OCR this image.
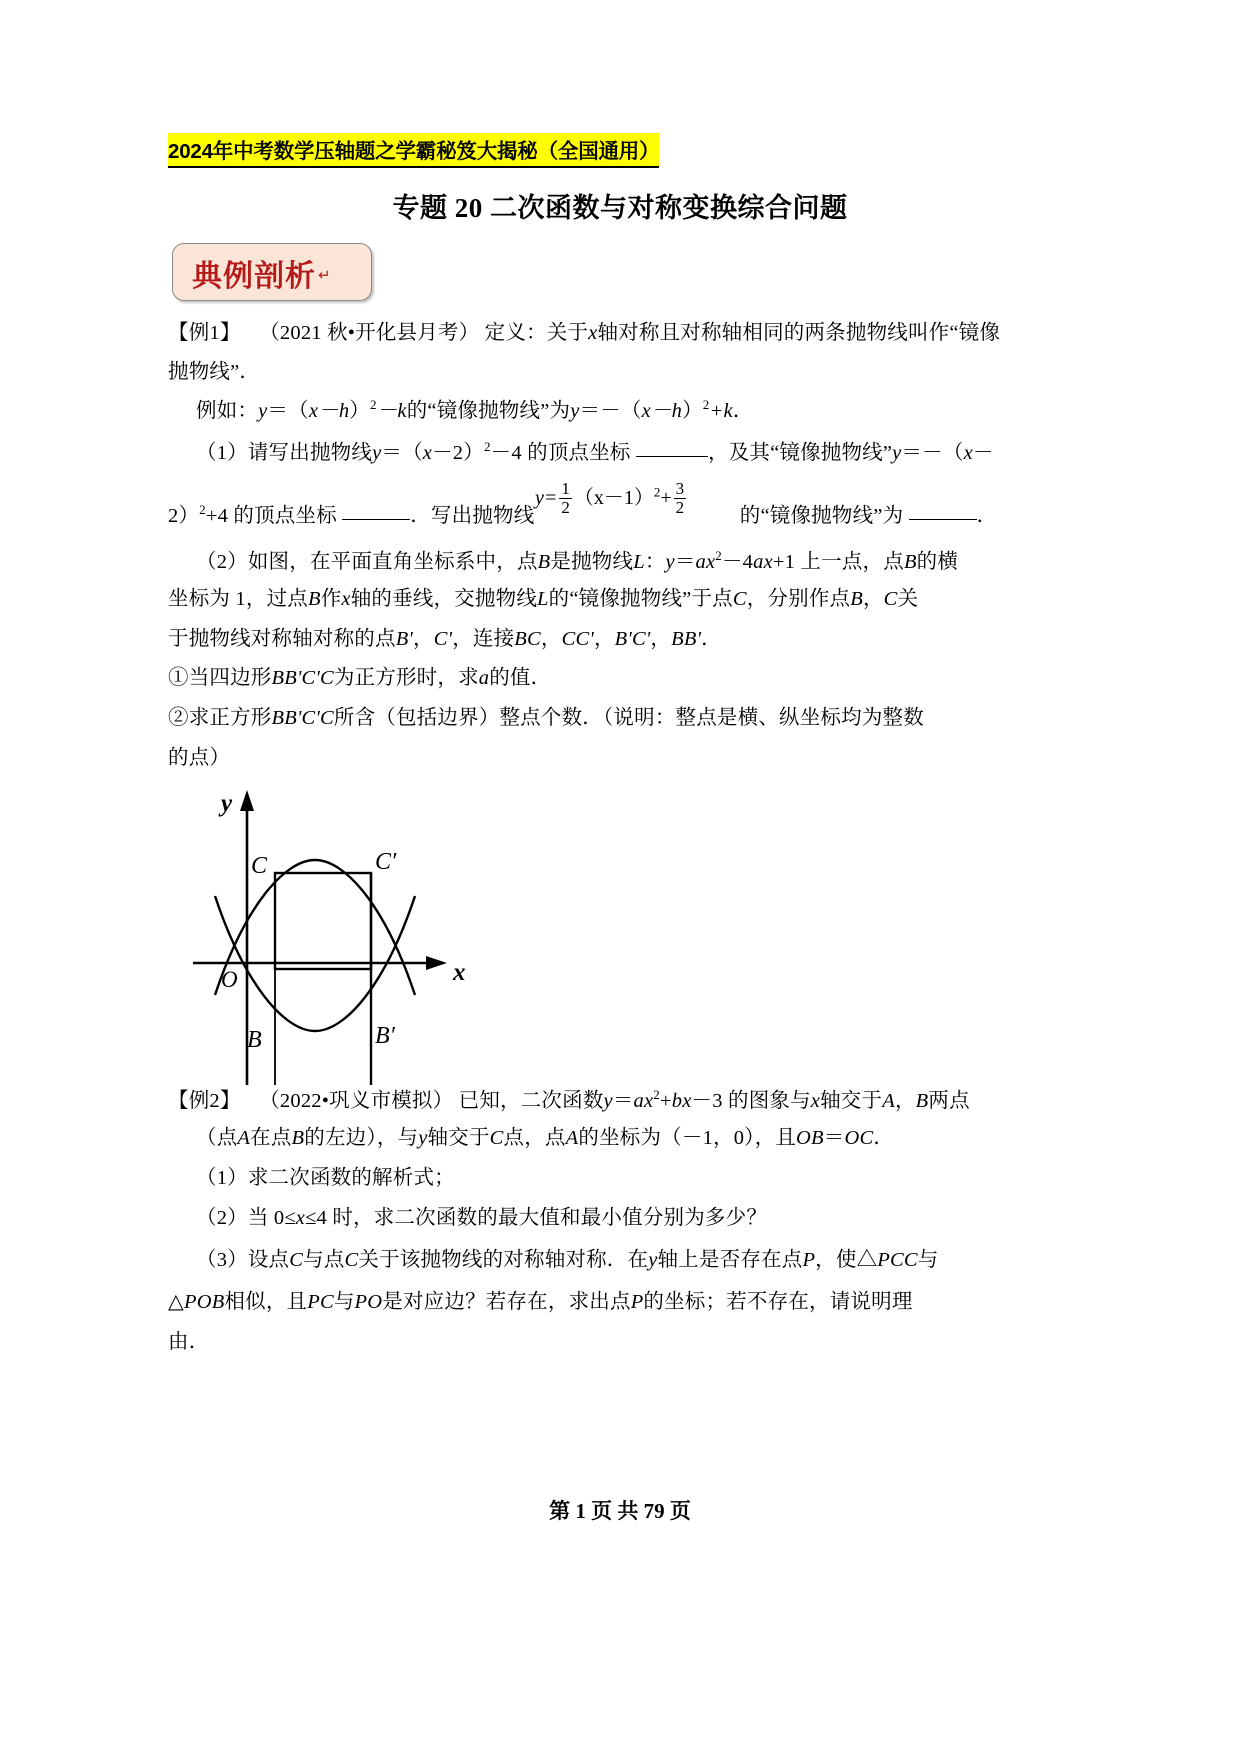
2024年中考数学压轴题之学霸秘笈大揭秘（全国通用）
专题 20 二次函数与对称变换综合问题
典例剖析 ↵
【例1】 （2021 秋•开化县月考） 定义：关于x轴对称且对称轴相同的两条抛物线叫作“镜像
抛物线”．
例如：$y=(x-h)^2-k$的“镜像抛物线”为$y=-(x-h)^2+k$．
（1）请写出抛物线$y=(x-2)^2-4$ 的顶点坐标	，及其“镜像抛物线”y＝－（x－
$y= \frac{1}{2} (x-1)^2+ \frac{3}{2}$
2）$^2$+4 的顶点坐标	．写出抛物线	的“镜像抛物线”为	．
（2）如图，在平面直角坐标系中，点B是抛物线L：$y=ax^2-4ax+1$ 上一点，点B的横
坐标为 1，过点B作x轴的垂线，交抛物线L的“镜像抛物线”于点C，分别作点B，C关
于抛物线对称轴对称的点B'，C'，连接BC，CC'，B'C'，BB'．
①当四边形BB'C'C为正方形时，求a的值．
②求正方形BB'C'C所含（包括边界）整点个数．（说明：整点是横、纵坐标均为整数
的点）
y
x
O
C	C′
B	B′
【例2】 （2022•巩义市模拟） 已知，二次函数$y=ax^2+bx-3$ 的图象与x轴交于A，B两点
（点A在点B的左边），与y轴交于C点，点A的坐标为（－1，0），且OB＝OC．
（1）求二次函数的解析式；
（2）当 0≤x≤4 时，求二次函数的最大值和最小值分别为多少？
（3）设点C与点C关于该抛物线的对称轴对称．在y轴上是否存在点P，使△PCC与
△POB相似，且PC与PO是对应边？若存在，求出点P的坐标；若不存在，请说明理
由．
第 1 页 共 79 页
